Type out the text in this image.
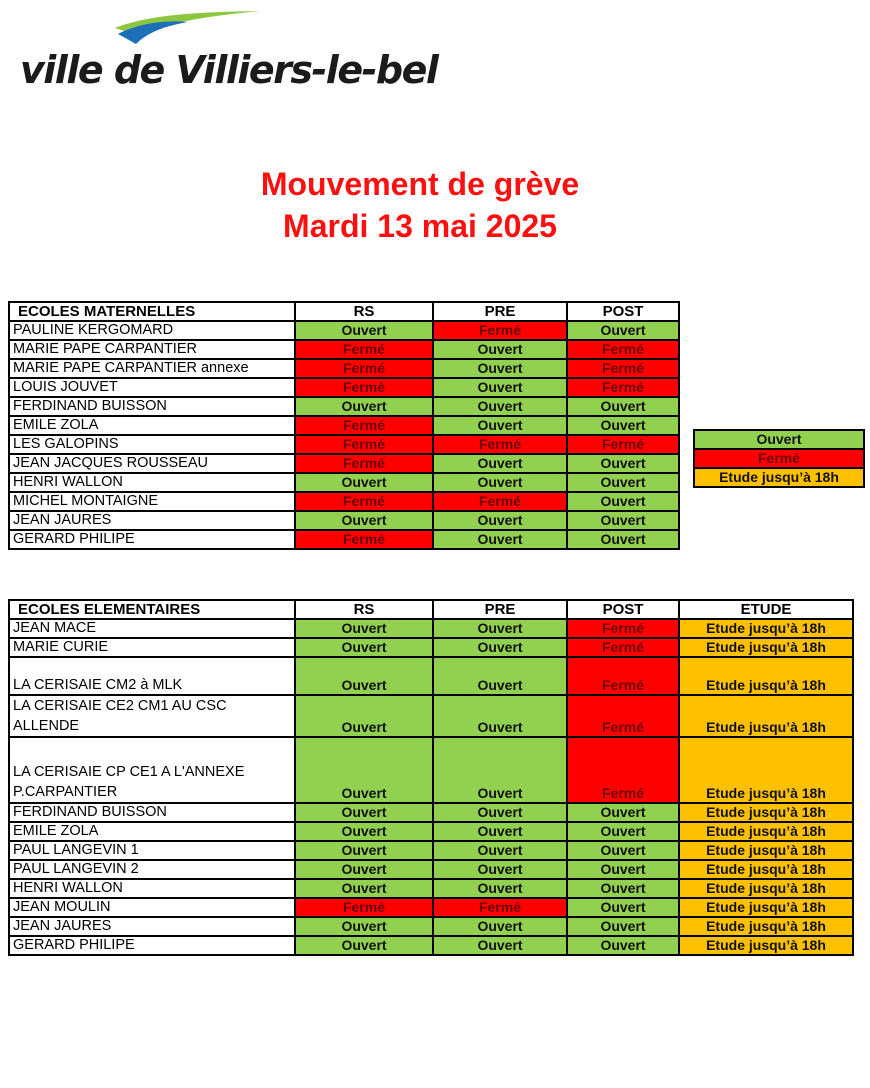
ville de Villiers-le-bel
Mouvement de grève
Mardi 13 mai 2025
ECOLES MATERNELLES	RS	PRE	POST
PAULINE KERGOMARD	Ouvert	Fermé	Ouvert
MARIE PAPE CARPANTIER	Fermé	Ouvert	Fermé
MARIE PAPE CARPANTIER annexe	Fermé	Ouvert	Fermé
LOUIS JOUVET	Fermé	Ouvert	Fermé
FERDINAND BUISSON	Ouvert	Ouvert	Ouvert
EMILE ZOLA	Fermé	Ouvert	Ouvert
LES GALOPINS	Fermé	Fermé	Fermé
JEAN JACQUES ROUSSEAU	Fermé	Ouvert	Ouvert
HENRI WALLON	Ouvert	Ouvert	Ouvert
MICHEL MONTAIGNE	Fermé	Fermé	Ouvert
JEAN JAURES	Ouvert	Ouvert	Ouvert
GERARD PHILIPE	Fermé	Ouvert	Ouvert
Ouvert
Fermé
Etude jusqu’à 18h
ECOLES ELEMENTAIRES	RS	PRE	POST	ETUDE
JEAN MACE	Ouvert	Ouvert	Fermé	Etude jusqu’à 18h
MARIE CURIE	Ouvert	Ouvert	Fermé	Etude jusqu’à 18h
LA CERISAIE CM2 à MLK	Ouvert	Ouvert	Fermé	Etude jusqu’à 18h
LA CERISAIE CE2 CM1 AU CSC ALLENDE	Ouvert	Ouvert	Fermé	Etude jusqu’à 18h
LA CERISAIE CP CE1 A L'ANNEXE P.CARPANTIER	Ouvert	Ouvert	Fermé	Etude jusqu’à 18h
FERDINAND BUISSON	Ouvert	Ouvert	Ouvert	Etude jusqu’à 18h
EMILE ZOLA	Ouvert	Ouvert	Ouvert	Etude jusqu’à 18h
PAUL LANGEVIN 1	Ouvert	Ouvert	Ouvert	Etude jusqu’à 18h
PAUL LANGEVIN 2	Ouvert	Ouvert	Ouvert	Etude jusqu’à 18h
HENRI WALLON	Ouvert	Ouvert	Ouvert	Etude jusqu’à 18h
JEAN MOULIN	Fermé	Fermé	Ouvert	Etude jusqu’à 18h
JEAN JAURES	Ouvert	Ouvert	Ouvert	Etude jusqu’à 18h
GERARD PHILIPE	Ouvert	Ouvert	Ouvert	Etude jusqu’à 18h
